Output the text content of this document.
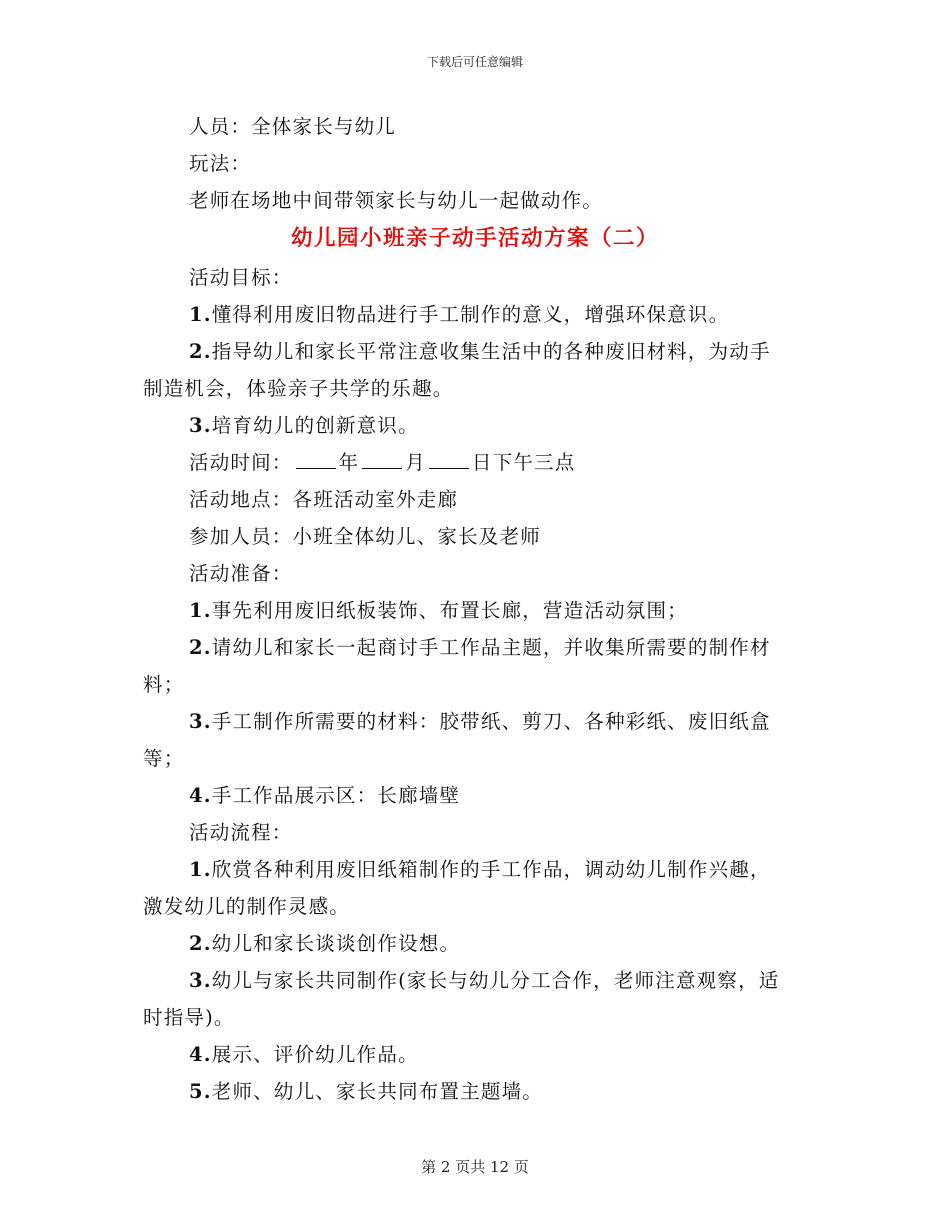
下载后可任意编辑
人员：全体家长与幼儿
玩法：
老师在场地中间带领家长与幼儿一起做动作。
幼儿园小班亲子动手活动方案（二）
活动目标：
1.懂得利用废旧物品进行手工制作的意义，增强环保意识。
2.指导幼儿和家长平常注意收集生活中的各种废旧材料，为动手
制造机会，体验亲子共学的乐趣。
3.培育幼儿的创新意识。
活动时间： 年 月 日下午三点
活动地点：各班活动室外走廊
参加人员：小班全体幼儿、家长及老师
活动准备：
1.事先利用废旧纸板装饰、布置长廊，营造活动氛围；
2.请幼儿和家长一起商讨手工作品主题，并收集所需要的制作材
料；
3.手工制作所需要的材料：胶带纸、剪刀、各种彩纸、废旧纸盒
等；
4.手工作品展示区：长廊墙壁
活动流程：
1.欣赏各种利用废旧纸箱制作的手工作品，调动幼儿制作兴趣，
激发幼儿的制作灵感。
2.幼儿和家长谈谈创作设想。
3.幼儿与家长共同制作(家长与幼儿分工合作，老师注意观察，适
时指导)。
4.展示、评价幼儿作品。
5.老师、幼儿、家长共同布置主题墙。
第 2 页共 12 页
